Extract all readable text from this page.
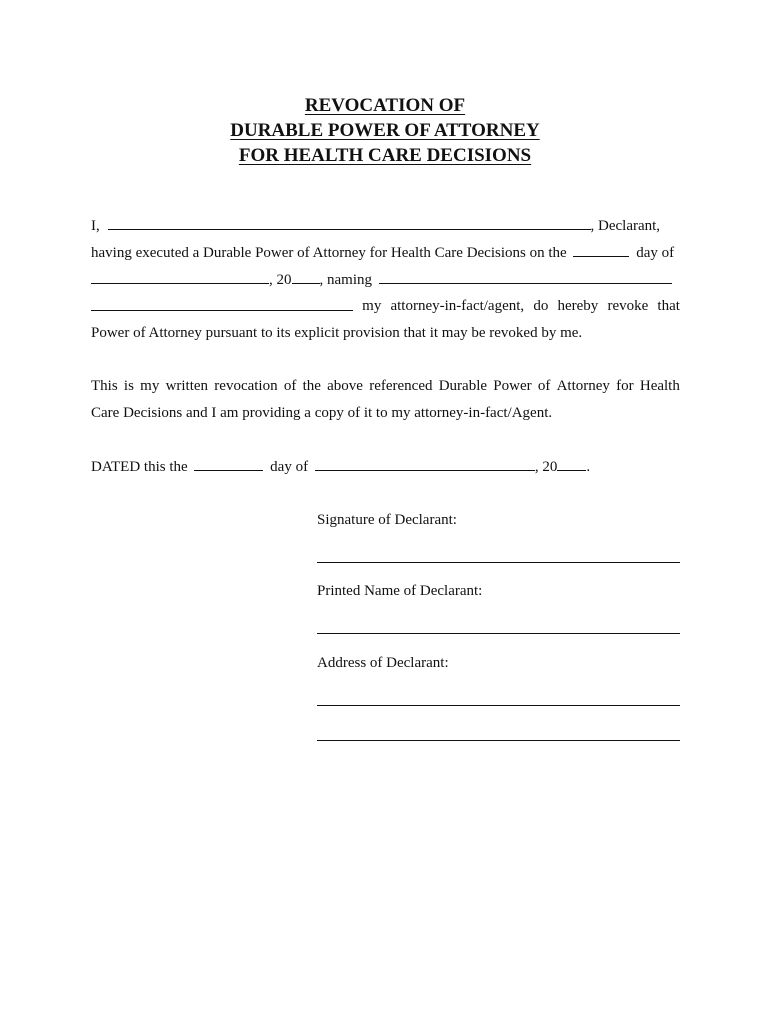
REVOCATION OF
DURABLE POWER OF ATTORNEY
FOR HEALTH CARE DECISIONS
I,	, Declarant,
having executed a Durable Power of Attorney for Health Care Decisions on the	day of
, 20 , naming
my attorney-in-fact/agent, do hereby revoke that
Power of Attorney pursuant to its explicit provision that it may be revoked by me.
This is my written revocation of the above referenced Durable Power of Attorney for Health
Care Decisions and I am providing a copy of it to my attorney-in-fact/Agent.
DATED this the	day of	, 20 .
Signature of Declarant:
Printed Name of Declarant:
Address of Declarant:
